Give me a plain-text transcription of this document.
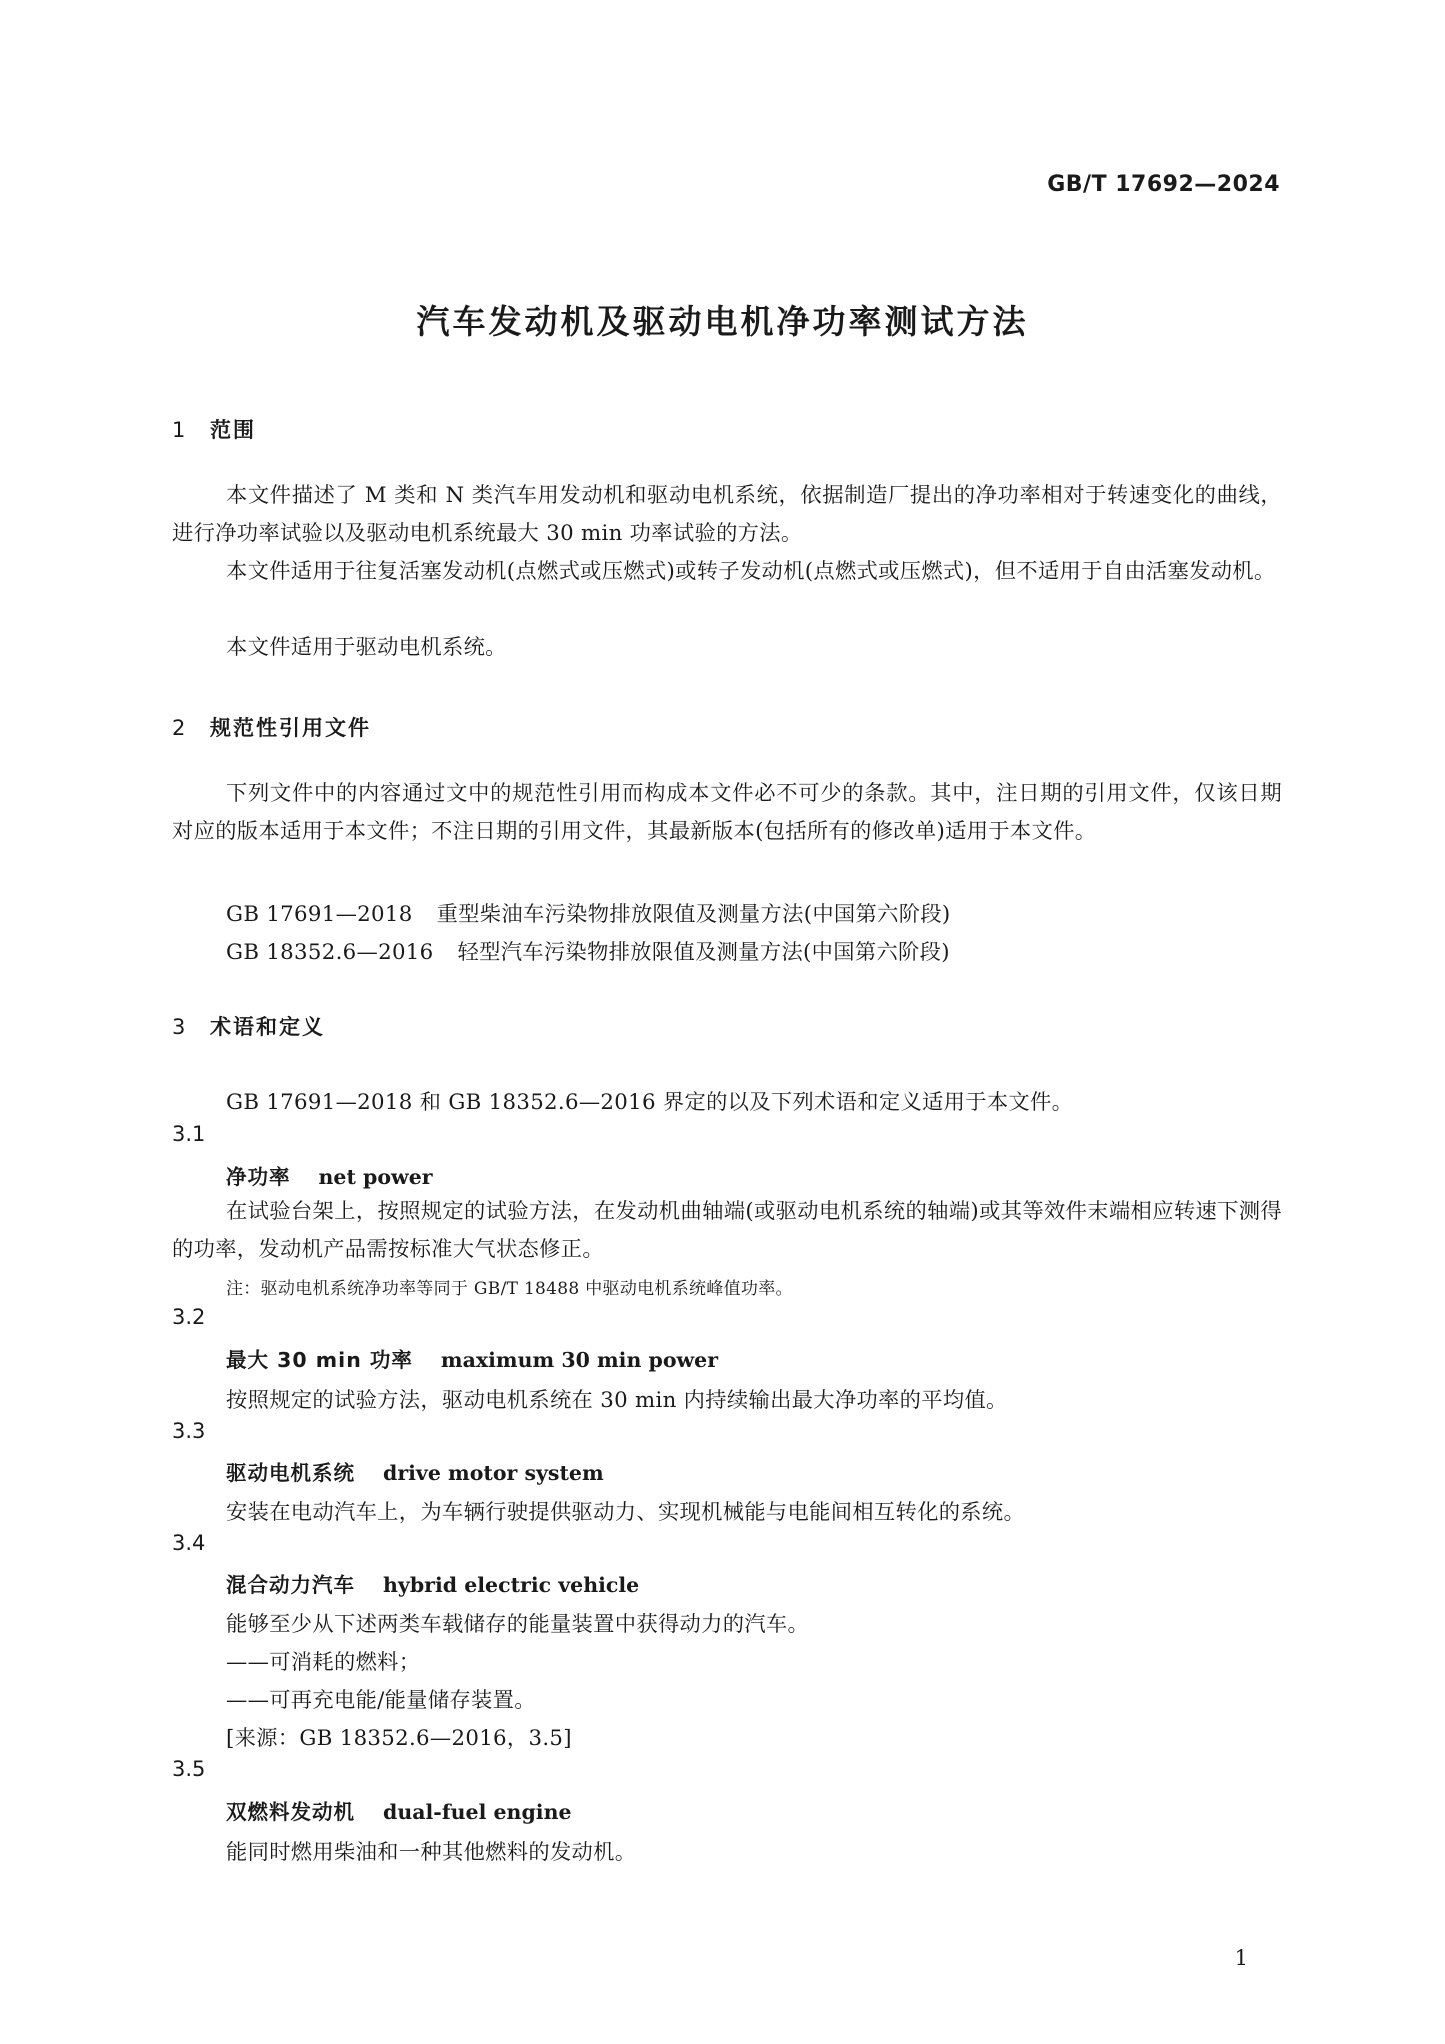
GB/T 17692—2024
汽车发动机及驱动电机净功率测试方法
1 范围
本文件描述了 M 类和 N 类汽车用发动机和驱动电机系统，依据制造厂提出的净功率相对于转速变化的曲线，进行净功率试验以及驱动电机系统最大 30 min 功率试验的方法。
本文件适用于往复活塞发动机(点燃式或压燃式)或转子发动机(点燃式或压燃式)，但不适用于自由活塞发动机。
本文件适用于驱动电机系统。
2 规范性引用文件
下列文件中的内容通过文中的规范性引用而构成本文件必不可少的条款。其中，注日期的引用文件，仅该日期对应的版本适用于本文件；不注日期的引用文件，其最新版本(包括所有的修改单)适用于本文件。
GB 17691—2018 重型柴油车污染物排放限值及测量方法(中国第六阶段)
GB 18352.6—2016 轻型汽车污染物排放限值及测量方法(中国第六阶段)
3 术语和定义
GB 17691—2018 和 GB 18352.6—2016 界定的以及下列术语和定义适用于本文件。
3.1
净功率 net power
在试验台架上，按照规定的试验方法，在发动机曲轴端(或驱动电机系统的轴端)或其等效件末端相应转速下测得的功率，发动机产品需按标准大气状态修正。
注：驱动电机系统净功率等同于 GB/T 18488 中驱动电机系统峰值功率。
3.2
最大 30 min 功率 maximum 30 min power
按照规定的试验方法，驱动电机系统在 30 min 内持续输出最大净功率的平均值。
3.3
驱动电机系统 drive motor system
安装在电动汽车上，为车辆行驶提供驱动力、实现机械能与电能间相互转化的系统。
3.4
混合动力汽车 hybrid electric vehicle
能够至少从下述两类车载储存的能量装置中获得动力的汽车。
——可消耗的燃料；
——可再充电能/能量储存装置。
[来源：GB 18352.6—2016，3.5]
3.5
双燃料发动机 dual-fuel engine
能同时燃用柴油和一种其他燃料的发动机。
1
